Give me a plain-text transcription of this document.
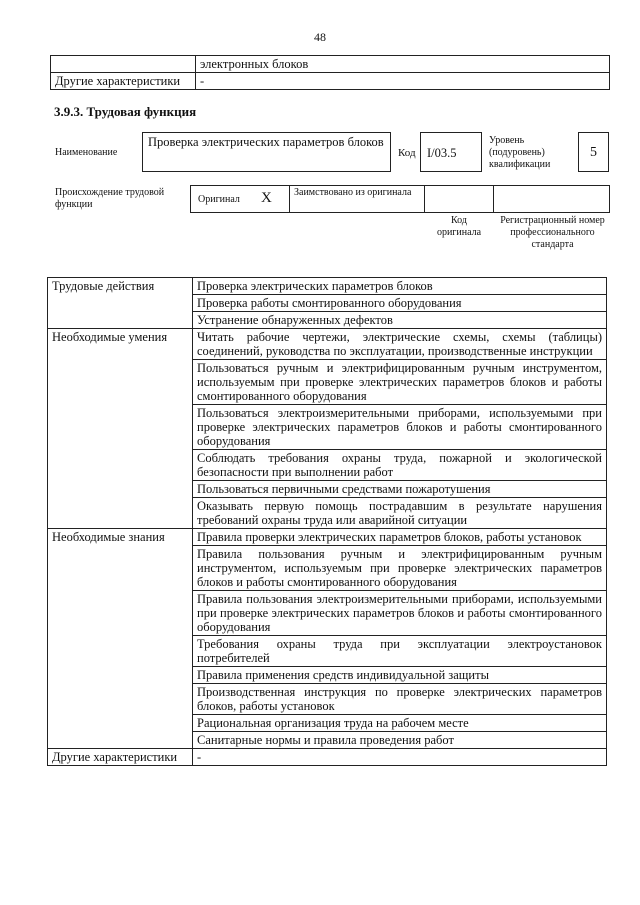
48
	электронных блоков
Другие характеристики	-
3.9.3. Трудовая функция
Наименование
Проверка электрических параметров блоков
Код I/03.5
Уровень (подуровень) квалификации
5
Происхождение трудовой функции	Оригинал X Заимствовано из оригинала
Код оригинала
Регистрационный номер профессионального стандарта
Трудовые действия	Проверка электрических параметров блоков
	Проверка работы смонтированного оборудования
	Устранение обнаруженных дефектов
Необходимые умения	Читать рабочие чертежи, электрические схемы, схемы (таблицы) соединений, руководства по эксплуатации, производственные инструкции
	Пользоваться ручным и электрифицированным ручным инструментом, используемым при проверке электрических параметров блоков и работы смонтированного оборудования
	Пользоваться электроизмерительными приборами, используемыми при проверке электрических параметров блоков и работы смонтированного оборудования
	Соблюдать требования охраны труда, пожарной и экологической безопасности при выполнении работ
	Пользоваться первичными средствами пожаротушения
	Оказывать первую помощь пострадавшим в результате нарушения требований охраны труда или аварийной ситуации
Необходимые знания	Правила проверки электрических параметров блоков, работы установок
	Правила пользования ручным и электрифицированным ручным инструментом, используемым при проверке электрических параметров блоков и работы смонтированного оборудования
	Правила пользования электроизмерительными приборами, используемыми при проверке электрических параметров блоков и работы смонтированного оборудования
	Требования охраны труда при эксплуатации электроустановок потребителей
	Правила применения средств индивидуальной защиты
	Производственная инструкция по проверке электрических параметров блоков, работы установок
	Рациональная организация труда на рабочем месте
	Санитарные нормы и правила проведения работ
Другие характеристики	-
